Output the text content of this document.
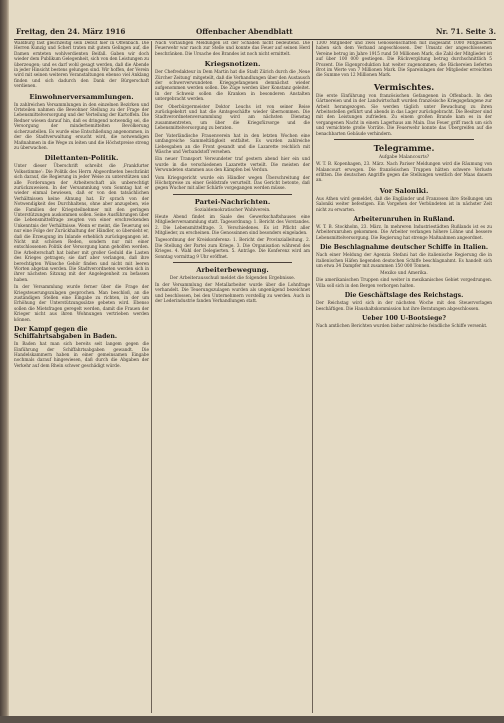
Freitag, den 24. März 1916	Offenbacher Abendblatt	Nr. 71. Seite 3.

Waldburg fast gleichzeitig sein Debut hier in Offenbach. Die Herren Kunzig und Scherl traten mit gutem Gelingen auf, die Damen ernteten wohlverdienten Beifall. Gaben wir doch wieder dem Publikum Gelegenheit, sich von den Leistungen zu überzeugen; und es darf wohl gesagt werden, daß die Abende in jeder Hinsicht bestens gelungen sind. Wir hoffen, der Verein wird mit seinen weiteren Veranstaltungen ebenso viel Anklang finden und sich dadurch den Dank der Bürgerschaft verdienen.

Einwohnerversammlungen.

In zahlreichen Versammlungen in den einzelnen Bezirken und Ortsteilen nahmen die Bewohner Stellung zu der Frage der Lebensmittelversorgung und der Verteilung der Kartoffeln. Die Redner wiesen darauf hin, daß es dringend notwendig sei, die Versorgung der minderbemittelten Bevölkerung sicherzustellen. Es wurde eine Entschließung angenommen, in der die Stadtverwaltung ersucht wird, die notwendigen Maßnahmen in die Wege zu leiten und die Höchstpreise streng zu überwachen.

Dilettanten-Politik.

Unter dieser Überschrift schreibt die ‚Frankfurter Volksstimme‘: Die Politik des Herrn Abgeordneten beschränkt sich darauf, die Regierung in jeder Weise zu unterstützen und alle Forderungen der Arbeiterschaft als unberechtigt zurückzuweisen. In der Versammlung vom Sonntag hat er wieder einmal bewiesen, daß er von den tatsächlichen Verhältnissen keine Ahnung hat. Er sprach von der Notwendigkeit des Durchhaltens, ohne aber anzugeben, wie die Familien der Kriegsteilnehmer mit den geringen Unterstützungen auskommen sollen. Seine Ausführungen über die Lebensmittelfrage zeugten von einer erschreckenden Unkenntnis der Verhältnisse. Wenn er meint, die Teuerung sei nur eine Folge der Zurückhaltung der Händler, so übersieht er, daß die Erzeugung im Inlande erheblich zurückgegangen ist. Nicht mit schönen Reden, sondern nur mit einer entschlossenen Politik der Versorgung kann geholfen werden. Die Arbeiterschaft hat bisher mit großer Geduld die Lasten des Krieges getragen; sie darf aber verlangen, daß ihre berechtigten Wünsche Gehör finden und nicht mit leeren Worten abgetan werden. Die Stadtverordneten werden sich in ihrer nächsten Sitzung mit der Angelegenheit zu befassen haben.

In der Versammlung wurde ferner über die Frage der Kriegsteuerungszulagen gesprochen. Man beschloß, an die zuständigen Stellen eine Eingabe zu richten, in der um Erhöhung der Unterstützungssätze gebeten wird. Ebenso sollen die Mietsfragen geregelt werden, damit die Frauen der Krieger nicht aus ihren Wohnungen vertrieben werden können.

Der Kampf gegen die Schiffahrtsabgaben in Baden.

In Baden hat man sich bereits seit langem gegen die Einführung der Schiffahrtsabgaben gewandt. Die Handelskammern haben in einer gemeinsamen Eingabe nochmals darauf hingewiesen, daß durch die Abgaben der Verkehr auf dem Rhein schwer geschädigt würde.

Nach vorläufigen Meldungen ist der Schaden nicht bedeutend. Die Feuerwehr war rasch zur Stelle und konnte das Feuer auf seinen Herd beschränken. Die Ursache des Brandes ist noch nicht ermittelt.

Kriegsnotizen.

Der Chefredakteur in Dem Martin hat die Stadt Zürich durch die ‚Neue Zürcher Zeitung‘ mitgeteilt, daß die Verhandlungen über den Austausch der schwerverwundeten Kriegsgefangenen demnächst wieder aufgenommen werden sollen. Die Züge werden über Konstanz geleitet. In der Schweiz sollen die Kranken in besonderen Anstalten untergebracht werden.

Der Oberbürgermeister Doktor Leuchs ist von seiner Reise zurückgekehrt und hat die Amtsgeschäfte wieder übernommen. Die Stadtverordnetenversammlung wird am nächsten Dienstag zusammentreten, um über die Kriegsfürsorge und die Lebensmittelversorgung zu beraten.

Der Vaterländische Frauenverein hat in den letzten Wochen eine umfangreiche Sammeltätigkeit entfaltet. Es wurden zahlreiche Liebesgaben an die Front gesandt und die Lazarette reichlich mit Wäsche und Verbandstoff versehen.

Ein neuer Transport Verwundeter traf gestern abend hier ein und wurde in die verschiedenen Lazarette verteilt. Die meisten der Verwundeten stammen aus den Kämpfen bei Verdun.

Vom Kriegsgericht wurde ein Händler wegen Überschreitung der Höchstpreise zu einer Geldstrafe verurteilt. Das Gericht betonte, daß gegen Wucher mit aller Schärfe vorgegangen werden müsse.

Partei-Nachrichten.
Sozialdemokratischer Wahlverein.

Heute Abend findet im Saale des Gewerkschaftshauses eine Mitgliederversammlung statt. Tagesordnung: 1. Bericht des Vorstandes. 2. Die Lebensmittelfrage. 3. Verschiedenes. Es ist Pflicht aller Mitglieder, zu erscheinen. Die Genossinnen sind besonders eingeladen.

Tagesordnung der Kreiskonferenz: 1. Bericht der Provinzialleitung. 2. Die Stellung der Partei zum Kriege. 3. Die Organisation während des Krieges. 4. Wahl der Delegierten. 5. Anträge. Die Konferenz wird am Sonntag vormittag 9 Uhr eröffnet.

Arbeiterbewegung.
Der Arbeiterausschuß meldet die folgenden Ergebnisse.

In der Versammlung der Metallarbeiter wurde über die Lohnfrage verhandelt. Die Teuerungszulagen wurden als ungenügend bezeichnet und beschlossen, bei den Unternehmern vorstellig zu werden. Auch in der Lederindustrie fanden Verhandlungen statt.

1300 Mitglieder und zwei Genossenschaften mit insgesamt 1000 Mitgliedern haben sich dem Verband angeschlossen. Der Umsatz der angeschlossenen Vereine betrug im Jahre 1915 rund 50 Millionen Mark, die Zahl der Mitglieder ist auf über 100 000 gestiegen. Die Rückvergütung betrug durchschnittlich 5 Prozent. Die Eigenproduktion hat weiter zugenommen; die Bäckereien lieferten Brot im Werte von 7 Millionen Mark. Die Spareinlagen der Mitglieder erreichten die Summe von 12 Millionen Mark.

Vermischtes.

Die erste Einführung von französischen Gefangenen in Offenbach. In den Gärtnereien und in der Landwirtschaft wurden französische Kriegsgefangene zur Arbeit herangezogen. Sie werden täglich unter Bewachung zu ihren Arbeitsstellen geführt und abends in das Lager zurückgebracht. Die Besitzer sind mit den Leistungen zufrieden. Zu einem großen Brande kam es in der vergangenen Nacht in einem Lagerhaus am Main. Das Feuer griff rasch um sich und vernichtete große Vorräte. Die Feuerwehr konnte das Übergreifen auf die benachbarten Gebäude verhindern.

Telegramme.
Aufgabe Malancourts?

W. T. B. Kopenhagen, 23. März. Nach Pariser Meldungen wird die Räumung von Malancourt erwogen. Die französischen Truppen hätten schwere Verluste erlitten. Die deutschen Angriffe gegen die Stellungen westlich der Maas dauern an.

Vor Saloniki.

Aus Athen wird gemeldet, daß die Engländer und Franzosen ihre Stellungen um Saloniki weiter befestigen. Ein Vorgehen der Verbündeten ist in nächster Zeit nicht zu erwarten.

Arbeiterunruhen in Rußland.

W. T. B. Stockholm, 23. März. In mehreren Industriestädten Rußlands ist es zu Arbeiterunruhen gekommen. Die Arbeiter verlangen höhere Löhne und bessere Lebensmittelversorgung. Die Regierung hat strenge Maßnahmen angeordnet.

Die Beschlagnahme deutscher Schiffe in Italien.

Nach einer Meldung der Agenzia Stefani hat die italienische Regierung die in italienischen Häfen liegenden deutschen Schiffe beschlagnahmt. Es handelt sich um etwa 34 Dampfer mit zusammen 150 000 Tonnen.

Mexiko und Amerika.

Die amerikanischen Truppen sind weiter in mexikanisches Gebiet vorgedrungen. Villa soll sich in den Bergen verborgen halten.

Die Geschäftslage des Reichstags.

Der Reichstag wird sich in der nächsten Woche mit den Steuervorlagen beschäftigen. Die Haushaltskommission hat ihre Beratungen abgeschlossen.

Ueber 100 U-Bootsiege?

Nach amtlichen Berichten wurden bisher zahlreiche feindliche Schiffe versenkt.
